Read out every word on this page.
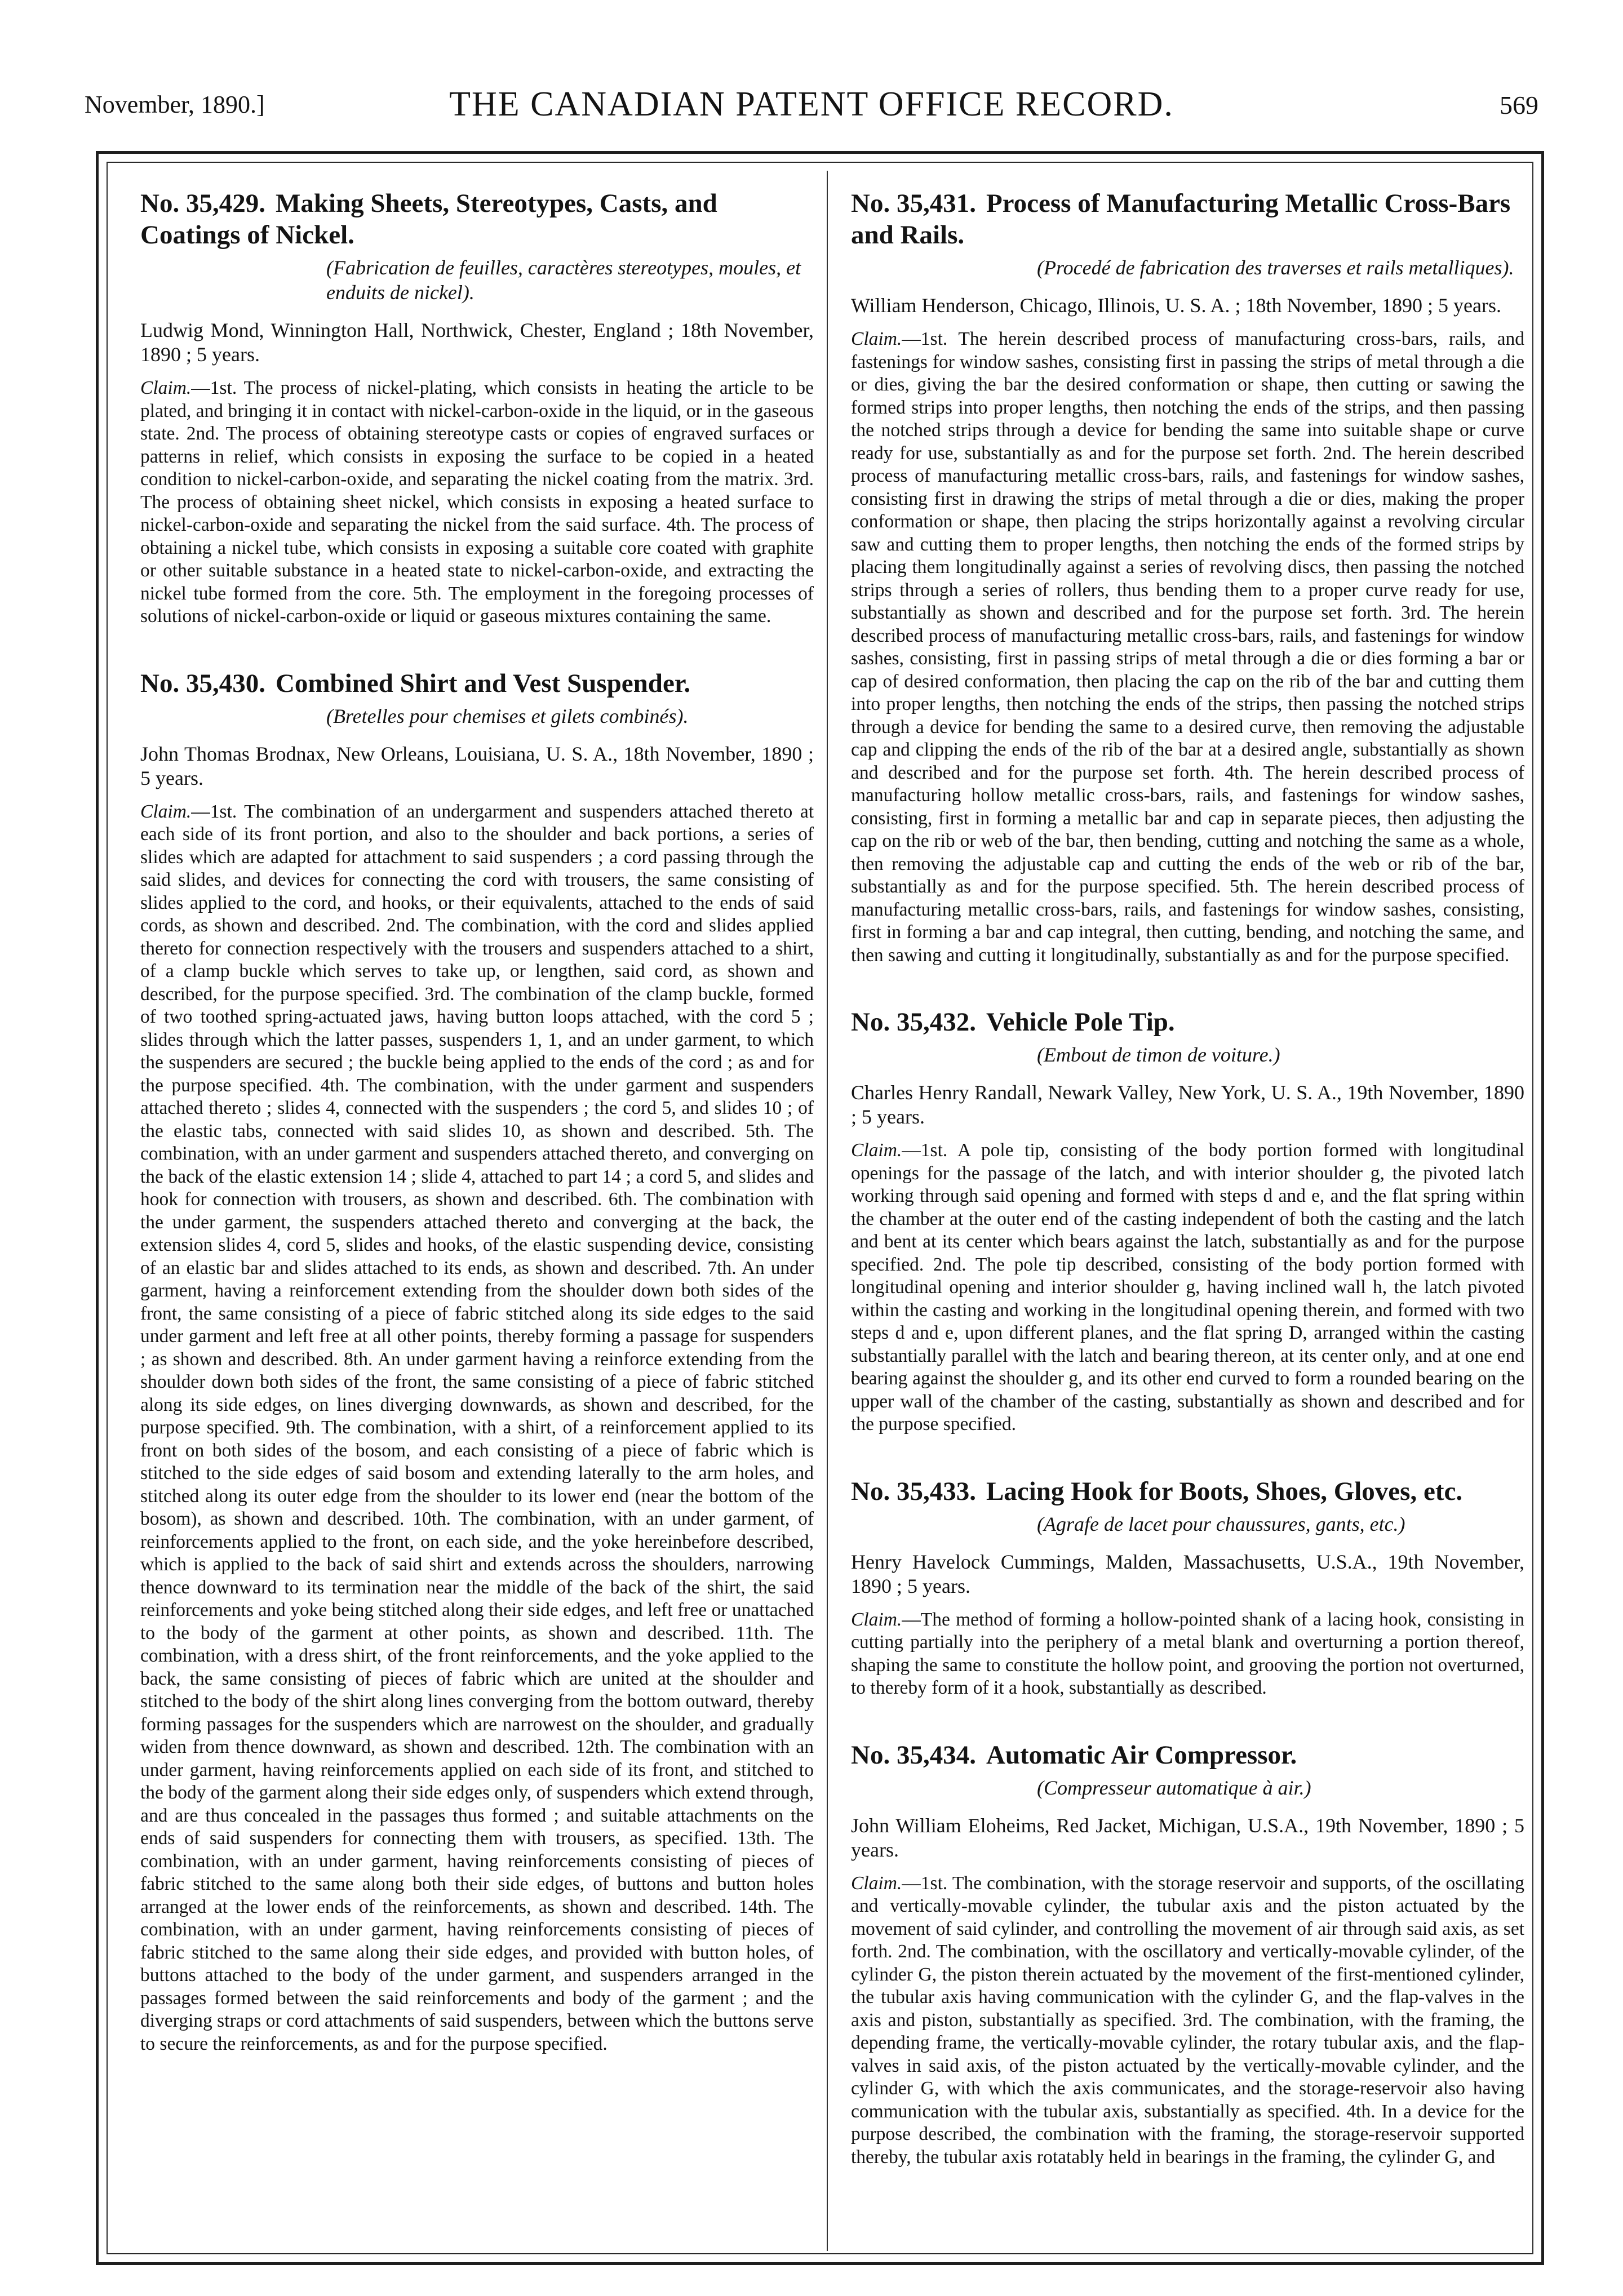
November, 1890.]	THE CANADIAN PATENT OFFICE RECORD.	569
No. 35,429. Making Sheets, Stereotypes, Casts, and Coatings of Nickel.
(Fabrication de feuilles, caractères stereotypes, moules, et enduits de nickel).
Ludwig Mond, Winnington Hall, Northwick, Chester, England ; 18th November, 1890 ; 5 years.

Claim.—1st. The process of nickel-plating, which consists in heating the article to be plated, and bringing it in contact with nickel-carbon-oxide in the liquid, or in the gaseous state. 2nd. The process of obtaining stereotype casts or copies of engraved surfaces or patterns in relief, which consists in exposing the surface to be copied in a heated condition to nickel-carbon-oxide, and separating the nickel coating from the matrix. 3rd. The process of obtaining sheet nickel, which consists in exposing a heated surface to nickel-carbon-oxide and separating the nickel from the said surface. 4th. The process of obtaining a nickel tube, which consists in exposing a suitable core coated with graphite or other suitable substance in a heated state to nickel-carbon-oxide, and extracting the nickel tube formed from the core. 5th. The employment in the foregoing processes of solutions of nickel-carbon-oxide or liquid or gaseous mixtures containing the same.

No. 35,430. Combined Shirt and Vest Suspender.
(Bretelles pour chemises et gilets combinés).
John Thomas Brodnax, New Orleans, Louisiana, U. S. A., 18th November, 1890 ; 5 years.

Claim.—1st. The combination of an undergarment and suspenders attached thereto at each side of its front portion, and also to the shoulder and back portions, a series of slides which are adapted for attachment to said suspenders ; a cord passing through the said slides, and devices for connecting the cord with trousers, the same consisting of slides applied to the cord, and hooks, or their equivalents, attached to the ends of said cords, as shown and described. 2nd. The combination, with the cord and slides applied thereto for connection respectively with the trousers and suspenders attached to a shirt, of a clamp buckle which serves to take up, or lengthen, said cord, as shown and described, for the purpose specified. 3rd. The combination of the clamp buckle, formed of two toothed spring-actuated jaws, having button loops attached, with the cord 5 ; slides through which the latter passes, suspenders 1, 1, and an under garment, to which the suspenders are secured ; the buckle being applied to the ends of the cord ; as and for the purpose specified. 4th. The combination, with the under garment and suspenders attached thereto ; slides 4, connected with the suspenders ; the cord 5, and slides 10 ; of the elastic tabs, connected with said slides 10, as shown and described. 5th. The combination, with an under garment and suspenders attached thereto, and converging on the back of the elastic extension 14 ; slide 4, attached to part 14 ; a cord 5, and slides and hook for connection with trousers, as shown and described. 6th. The combination with the under garment, the suspenders attached thereto and converging at the back, the extension slides 4, cord 5, slides and hooks, of the elastic suspending device, consisting of an elastic bar and slides attached to its ends, as shown and described. 7th. An under garment, having a reinforcement extending from the shoulder down both sides of the front, the same consisting of a piece of fabric stitched along its side edges to the said under garment and left free at all other points, thereby forming a passage for suspenders ; as shown and described. 8th. An under garment having a reinforce extending from the shoulder down both sides of the front, the same consisting of a piece of fabric stitched along its side edges, on lines diverging downwards, as shown and described, for the purpose specified. 9th. The combination, with a shirt, of a reinforcement applied to its front on both sides of the bosom, and each consisting of a piece of fabric which is stitched to the side edges of said bosom and extending laterally to the arm holes, and stitched along its outer edge from the shoulder to its lower end (near the bottom of the bosom), as shown and described. 10th. The combination, with an under garment, of reinforcements applied to the front, on each side, and the yoke hereinbefore described, which is applied to the back of said shirt and extends across the shoulders, narrowing thence downward to its termination near the middle of the back of the shirt, the said reinforcements and yoke being stitched along their side edges, and left free or unattached to the body of the garment at other points, as shown and described. 11th. The combination, with a dress shirt, of the front reinforcements, and the yoke applied to the back, the same consisting of pieces of fabric which are united at the shoulder and stitched to the body of the shirt along lines converging from the bottom outward, thereby forming passages for the suspenders which are narrowest on the shoulder, and gradually widen from thence downward, as shown and described. 12th. The combination with an under garment, having reinforcements applied on each side of its front, and stitched to the body of the garment along their side edges only, of suspenders which extend through, and are thus concealed in the passages thus formed ; and suitable attachments on the ends of said suspenders for connecting them with trousers, as specified. 13th. The combination, with an under garment, having reinforcements consisting of pieces of fabric stitched to the same along both their side edges, of buttons and button holes arranged at the lower ends of the reinforcements, as shown and described. 14th. The combination, with an under garment, having reinforcements consisting of pieces of fabric stitched to the same along their side edges, and provided with button holes, of buttons attached to the body of the under garment, and suspenders arranged in the passages formed between the said reinforcements and body of the garment ; and the diverging straps or cord attachments of said suspenders, between which the buttons serve to secure the reinforcements, as and for the purpose specified.

No. 35,431. Process of Manufacturing Metallic Cross-Bars and Rails.
(Procedé de fabrication des traverses et rails metalliques).
William Henderson, Chicago, Illinois, U. S. A. ; 18th November, 1890 ; 5 years.

Claim.—1st. The herein described process of manufacturing cross-bars, rails, and fastenings for window sashes, consisting first in passing the strips of metal through a die or dies, giving the bar the desired conformation or shape, then cutting or sawing the formed strips into proper lengths, then notching the ends of the strips, and then passing the notched strips through a device for bending the same into suitable shape or curve ready for use, substantially as and for the purpose set forth. 2nd. The herein described process of manufacturing metallic cross-bars, rails, and fastenings for window sashes, consisting first in drawing the strips of metal through a die or dies, making the proper conformation or shape, then placing the strips horizontally against a revolving circular saw and cutting them to proper lengths, then notching the ends of the formed strips by placing them longitudinally against a series of revolving discs, then passing the notched strips through a series of rollers, thus bending them to a proper curve ready for use, substantially as shown and described and for the purpose set forth. 3rd. The herein described process of manufacturing metallic cross-bars, rails, and fastenings for window sashes, consisting, first in passing strips of metal through a die or dies forming a bar or cap of desired conformation, then placing the cap on the rib of the bar and cutting them into proper lengths, then notching the ends of the strips, then passing the notched strips through a device for bending the same to a desired curve, then removing the adjustable cap and clipping the ends of the rib of the bar at a desired angle, substantially as shown and described and for the purpose set forth. 4th. The herein described process of manufacturing hollow metallic cross-bars, rails, and fastenings for window sashes, consisting, first in forming a metallic bar and cap in separate pieces, then adjusting the cap on the rib or web of the bar, then bending, cutting and notching the same as a whole, then removing the adjustable cap and cutting the ends of the web or rib of the bar, substantially as and for the purpose specified. 5th. The herein described process of manufacturing metallic cross-bars, rails, and fastenings for window sashes, consisting, first in forming a bar and cap integral, then cutting, bending, and notching the same, and then sawing and cutting it longitudinally, substantially as and for the purpose specified.

No. 35,432. Vehicle Pole Tip.
(Embout de timon de voiture.)
Charles Henry Randall, Newark Valley, New York, U. S. A., 19th November, 1890 ; 5 years.

Claim.—1st. A pole tip, consisting of the body portion formed with longitudinal openings for the passage of the latch, and with interior shoulder g, the pivoted latch working through said opening and formed with steps d and e, and the flat spring within the chamber at the outer end of the casting independent of both the casting and the latch and bent at its center which bears against the latch, substantially as and for the purpose specified. 2nd. The pole tip described, consisting of the body portion formed with longitudinal opening and interior shoulder g, having inclined wall h, the latch pivoted within the casting and working in the longitudinal opening therein, and formed with two steps d and e, upon different planes, and the flat spring D, arranged within the casting substantially parallel with the latch and bearing thereon, at its center only, and at one end bearing against the shoulder g, and its other end curved to form a rounded bearing on the upper wall of the chamber of the casting, substantially as shown and described and for the purpose specified.

No. 35,433. Lacing Hook for Boots, Shoes, Gloves, etc.
(Agrafe de lacet pour chaussures, gants, etc.)
Henry Havelock Cummings, Malden, Massachusetts, U.S.A., 19th November, 1890 ; 5 years.

Claim.—The method of forming a hollow-pointed shank of a lacing hook, consisting in cutting partially into the periphery of a metal blank and overturning a portion thereof, shaping the same to constitute the hollow point, and grooving the portion not overturned, to thereby form of it a hook, substantially as described.

No. 35,434. Automatic Air Compressor.
(Compresseur automatique à air.)
John William Eloheims, Red Jacket, Michigan, U.S.A., 19th November, 1890 ; 5 years.

Claim.—1st. The combination, with the storage reservoir and supports, of the oscillating and vertically-movable cylinder, the tubular axis and the piston actuated by the movement of said cylinder, and controlling the movement of air through said axis, as set forth. 2nd. The combination, with the oscillatory and vertically-movable cylinder, of the cylinder G, the piston therein actuated by the movement of the first-mentioned cylinder, the tubular axis having communication with the cylinder G, and the flap-valves in the axis and piston, substantially as specified. 3rd. The combination, with the framing, the depending frame, the vertically-movable cylinder, the rotary tubular axis, and the flap-valves in said axis, of the piston actuated by the vertically-movable cylinder, and the cylinder G, with which the axis communicates, and the storage-reservoir also having communication with the tubular axis, substantially as specified. 4th. In a device for the purpose described, the combination with the framing, the storage-reservoir supported thereby, the tubular axis rotatably held in bearings in the framing, the cylinder G, and
